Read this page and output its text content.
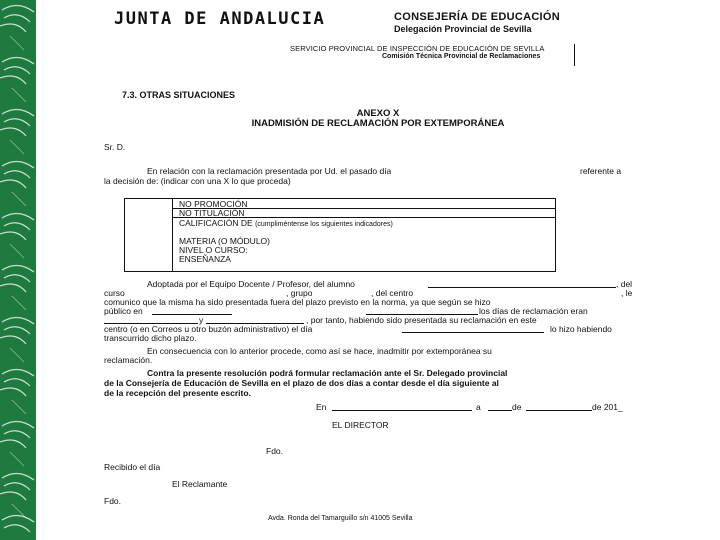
JUNTA DE ANDALUCIA	CONSEJERÍA DE EDUCACIÓN
Delegación Provincial de Sevilla
SERVICIO PROVINCIAL DE INSPECCIÓN DE EDUCACIÓN DE SEVILLA
Comisión Técnica Provincial de Reclamaciones
7.3. OTRAS SITUACIONES
ANEXO X
INADMISIÓN DE RECLAMACIÓN POR EXTEMPORÁNEA
Sr. D.
En relación con la reclamación presentada por Ud. el pasado día	referente a
la decisión de: (indicar con una X lo que proceda)
NO PROMOCIÓN
NO TITULACIÓN
CALIFICACIÓN DE (cumpliméntense los siguientes indicadores)
MATERIA (O MÓDULO)
NIVEL O CURSO:
ENSEÑANZA
Adoptada por el Equipo Docente / Profesor, del alumno	, del
curso	, grupo	, del centro	, le
comunico que la misma ha sido presentada fuera del plazo previsto en la norma, ya que según se hizo
público en	los días de reclamación eran
y	, por tanto, habiendo sido presentada su reclamación en este
centro (o en Correos u otro buzón administrativo) el día	lo hizo habiendo
transcurrido dicho plazo.
En consecuencia con lo anterior procede, como así se hace, inadmitir por extemporánea su
reclamación.
Contra la presente resolución podrá formular reclamación ante el Sr. Delegado provincial
de la Consejería de Educación de Sevilla en el plazo de dos días a contar desde el día siguiente al
de la recepción del presente escrito.
En	a	de	de 201_
EL DIRECTOR
Fdo.
Recibido el día
El Reclamante
Fdo.
Avda. Ronda del Tamarguillo s/n 41005 Sevilla
